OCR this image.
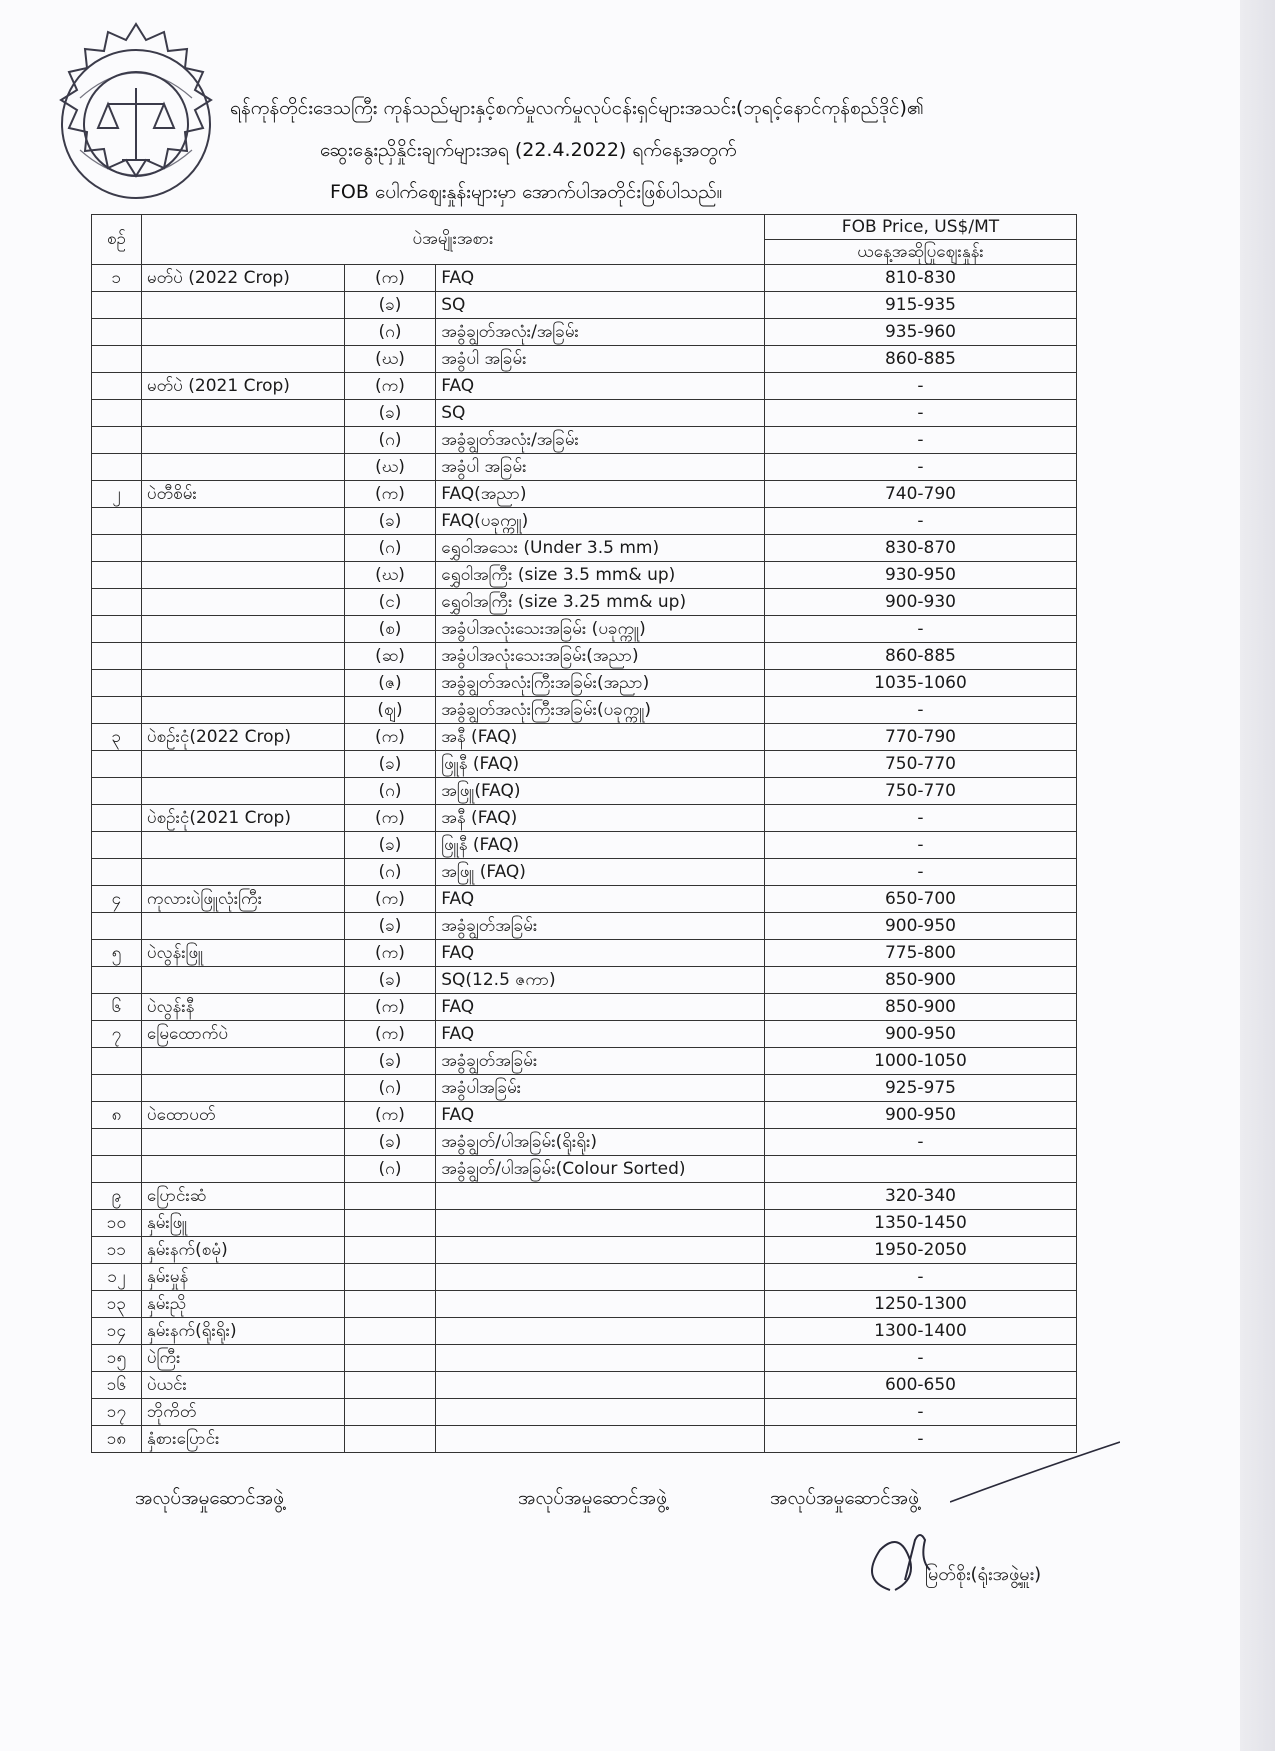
ရန်ကုန်တိုင်းဒေသကြီး ကုန်သည်များနှင့်စက်မှုလက်မှုလုပ်ငန်းရှင်များအသင်း(ဘုရင့်နောင်ကုန်စည်ဒိုင်)၏
ဆွေးနွေးညှိနှိုင်းချက်များအရ (22.4.2022) ရက်နေ့အတွက်
FOB ပေါက်ဈေးနှုန်းများမှာ အောက်ပါအတိုင်းဖြစ်ပါသည်။
စဉ်	ပဲအမျိုးအစား			FOB Price, US$/MT
				ယနေ့အဆိုပြုဈေးနှုန်း
၁	မတ်ပဲ (2022 Crop)	(က)	FAQ	810-830
		(ခ)	SQ	915-935
		(ဂ)	အခွံချွတ်အလုံး/အခြမ်း	935-960
		(ဃ)	အခွံပါ အခြမ်း	860-885
	မတ်ပဲ (2021 Crop)	(က)	FAQ	-
		(ခ)	SQ	-
		(ဂ)	အခွံချွတ်အလုံး/အခြမ်း	-
		(ဃ)	အခွံပါ အခြမ်း	-
၂	ပဲတီစိမ်း	(က)	FAQ(အညာ)	740-790
		(ခ)	FAQ(ပခုက္ကူ)	-
		(ဂ)	ရွှေဝါအသေး (Under 3.5 mm)	830-870
		(ဃ)	ရွှေဝါအကြီး (size 3.5 mm& up)	930-950
		(င)	ရွှေဝါအကြီး (size 3.25 mm& up)	900-930
		(စ)	အခွံပါအလုံးသေးအခြမ်း (ပခုက္ကူ)	-
		(ဆ)	အခွံပါအလုံးသေးအခြမ်း(အညာ)	860-885
		(ဇ)	အခွံချွတ်အလုံးကြီးအခြမ်း(အညာ)	1035-1060
		(ဈ)	အခွံချွတ်အလုံးကြီးအခြမ်း(ပခုက္ကူ)	-
၃	ပဲစဉ်းငုံ(2022 Crop)	(က)	အနီ (FAQ)	770-790
		(ခ)	ဖြူနီ (FAQ)	750-770
		(ဂ)	အဖြူ(FAQ)	750-770
	ပဲစဉ်းငုံ(2021 Crop)	(က)	အနီ (FAQ)	-
		(ခ)	ဖြူနီ (FAQ)	-
		(ဂ)	အဖြူ (FAQ)	-
၄	ကုလားပဲဖြူလုံးကြီး	(က)	FAQ	650-700
		(ခ)	အခွံချွတ်အခြမ်း	900-950
၅	ပဲလွန်းဖြူ	(က)	FAQ	775-800
		(ခ)	SQ(12.5 ဇကာ)	850-900
၆	ပဲလွန်းနီ	(က)	FAQ	850-900
၇	မြေထောက်ပဲ	(က)	FAQ	900-950
		(ခ)	အခွံချွတ်အခြမ်း	1000-1050
		(ဂ)	အခွံပါအခြမ်း	925-975
၈	ပဲထောပတ်	(က)	FAQ	900-950
		(ခ)	အခွံချွတ်/ပါအခြမ်း(ရိုးရိုး)	-
		(ဂ)	အခွံချွတ်/ပါအခြမ်း(Colour Sorted)	
၉	ပြောင်းဆံ			320-340
၁၀	နှမ်းဖြူ			1350-1450
၁၁	နှမ်းနက်(စမုံ)			1950-2050
၁၂	နှမ်းမှုန်			-
၁၃	နှမ်းညို			1250-1300
၁၄	နှမ်းနက်(ရိုးရိုး)			1300-1400
၁၅	ပဲကြီး			-
၁၆	ပဲယင်း			600-650
၁၇	ဘိုကိတ်			-
၁၈	နှံစားပြောင်း			-
အလုပ်အမှုဆောင်အဖွဲ့	အလုပ်အမှုဆောင်အဖွဲ့	အလုပ်အမှုဆောင်အဖွဲ့
မြတ်စိုး(ရုံးအဖွဲ့မှူး)
